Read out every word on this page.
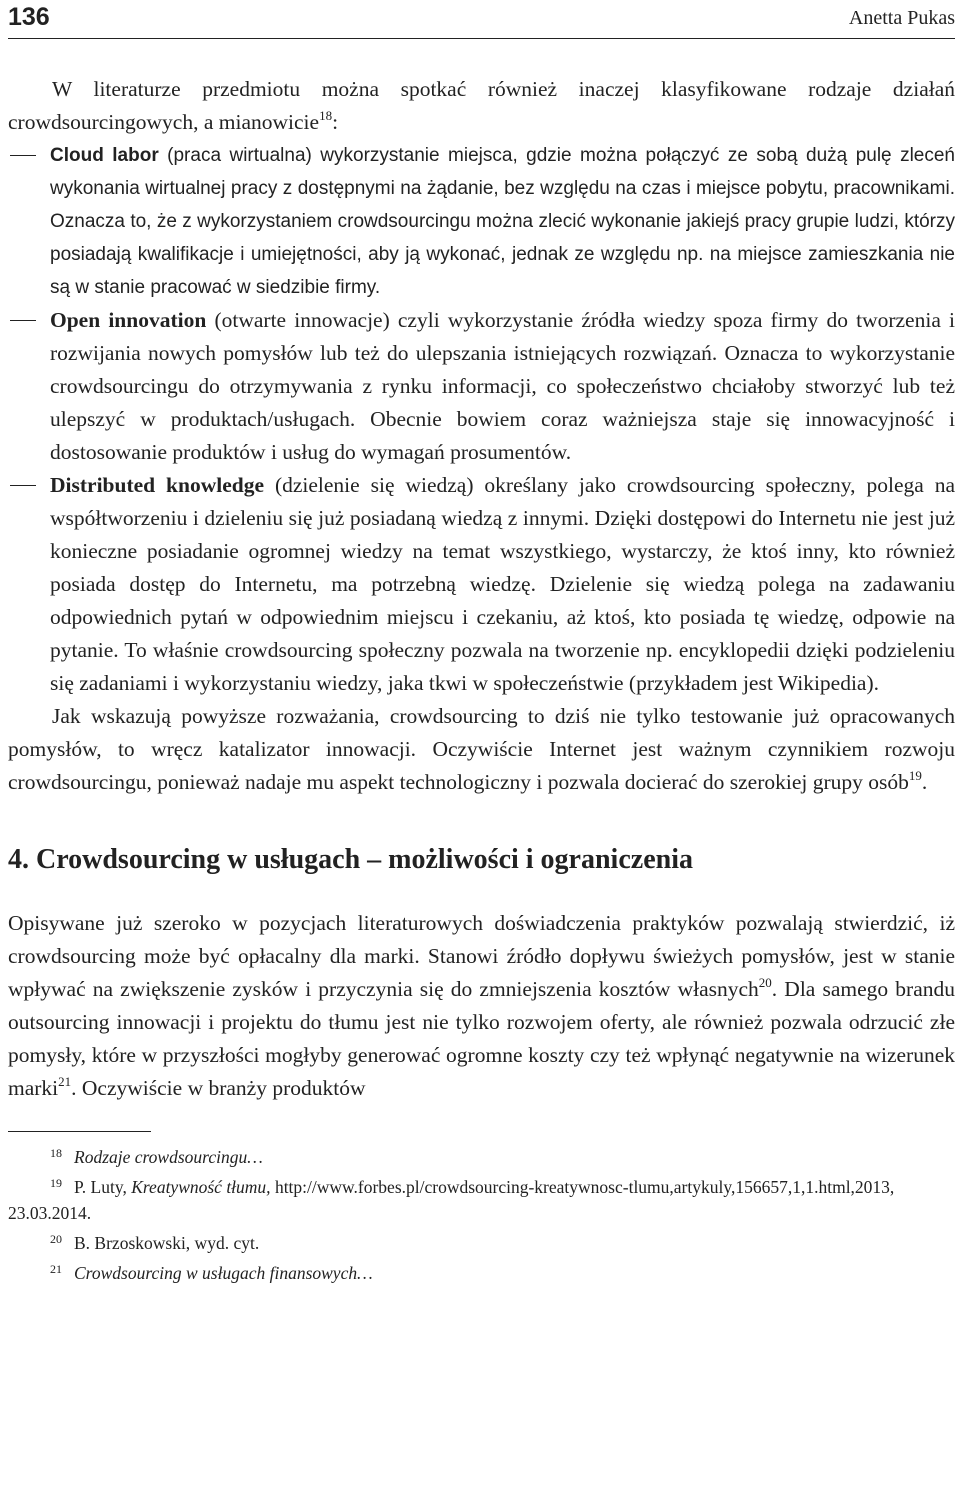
136	Anetta Pukas

W literaturze przedmiotu można spotkać również inaczej klasyfikowane rodzaje działań crowdsourcingowych, a mianowicie$^{18}$:

Cloud labor (praca wirtualna) wykorzystanie miejsca, gdzie można połączyć ze sobą dużą pulę zleceń wykonania wirtualnej pracy z dostępnymi na żądanie, bez względu na czas i miejsce pobytu, pracownikami. Oznacza to, że z wykorzystaniem crowdsourcingu można zlecić wykonanie jakiejś pracy grupie ludzi, którzy posiadają kwalifikacje i umiejętności, aby ją wykonać, jednak ze względu np. na miejsce zamieszkania nie są w stanie pracować w siedzibie firmy.
Open innovation (otwarte innowacje) czyli wykorzystanie źródła wiedzy spoza firmy do tworzenia i rozwijania nowych pomysłów lub też do ulepszania istniejących rozwiązań. Oznacza to wykorzystanie crowdsourcingu do otrzymywania z rynku informacji, co społeczeństwo chciałoby stworzyć lub też ulepszyć w produktach/usługach. Obecnie bowiem coraz ważniejsza staje się innowacyjność i dostosowanie produktów i usług do wymagań prosumentów.
Distributed knowledge (dzielenie się wiedzą) określany jako crowdsourcing społeczny, polega na współtworzeniu i dzieleniu się już posiadaną wiedzą z innymi. Dzięki dostępowi do Internetu nie jest już konieczne posiadanie ogromnej wiedzy na temat wszystkiego, wystarczy, że ktoś inny, kto również posiada dostęp do Internetu, ma potrzebną wiedzę. Dzielenie się wiedzą polega na zadawaniu odpowiednich pytań w odpowiednim miejscu i czekaniu, aż ktoś, kto posiada tę wiedzę, odpowie na pytanie. To właśnie crowdsourcing społeczny pozwala na tworzenie np. encyklopedii dzięki podzieleniu się zadaniami i wykorzystaniu wiedzy, jaka tkwi w społeczeństwie (przykładem jest Wikipedia).

Jak wskazują powyższe rozważania, crowdsourcing to dziś nie tylko testowanie już opracowanych pomysłów, to wręcz katalizator innowacji. Oczywiście Internet jest ważnym czynnikiem rozwoju crowdsourcingu, ponieważ nadaje mu aspekt technologiczny i pozwala docierać do szerokiej grupy osób$^{19}$.

4. Crowdsourcing w usługach – możliwości i ograniczenia

Opisywane już szeroko w pozycjach literaturowych doświadczenia praktyków pozwalają stwierdzić, iż crowdsourcing może być opłacalny dla marki. Stanowi źródło dopływu świeżych pomysłów, jest w stanie wpływać na zwiększenie zysków i przyczynia się do zmniejszenia kosztów własnych$^{20}$. Dla samego brandu outsourcing innowacji i projektu do tłumu jest nie tylko rozwojem oferty, ale również pozwala odrzucić złe pomysły, które w przyszłości mogłyby generować ogromne koszty czy też wpłynąć negatywnie na wizerunek marki$^{21}$. Oczywiście w branży produktów

$^{18}$ Rodzaje crowdsourcingu…

$^{19}$ P. Luty, Kreatywność tłumu, http://www.forbes.pl/crowdsourcing-kreatywnosc-tlumu,artykuly,156657,1,1.html,2013, 23.03.2014.

$^{20}$ B. Brzoskowski, wyd. cyt.

$^{21}$ Crowdsourcing w usługach finansowych…
